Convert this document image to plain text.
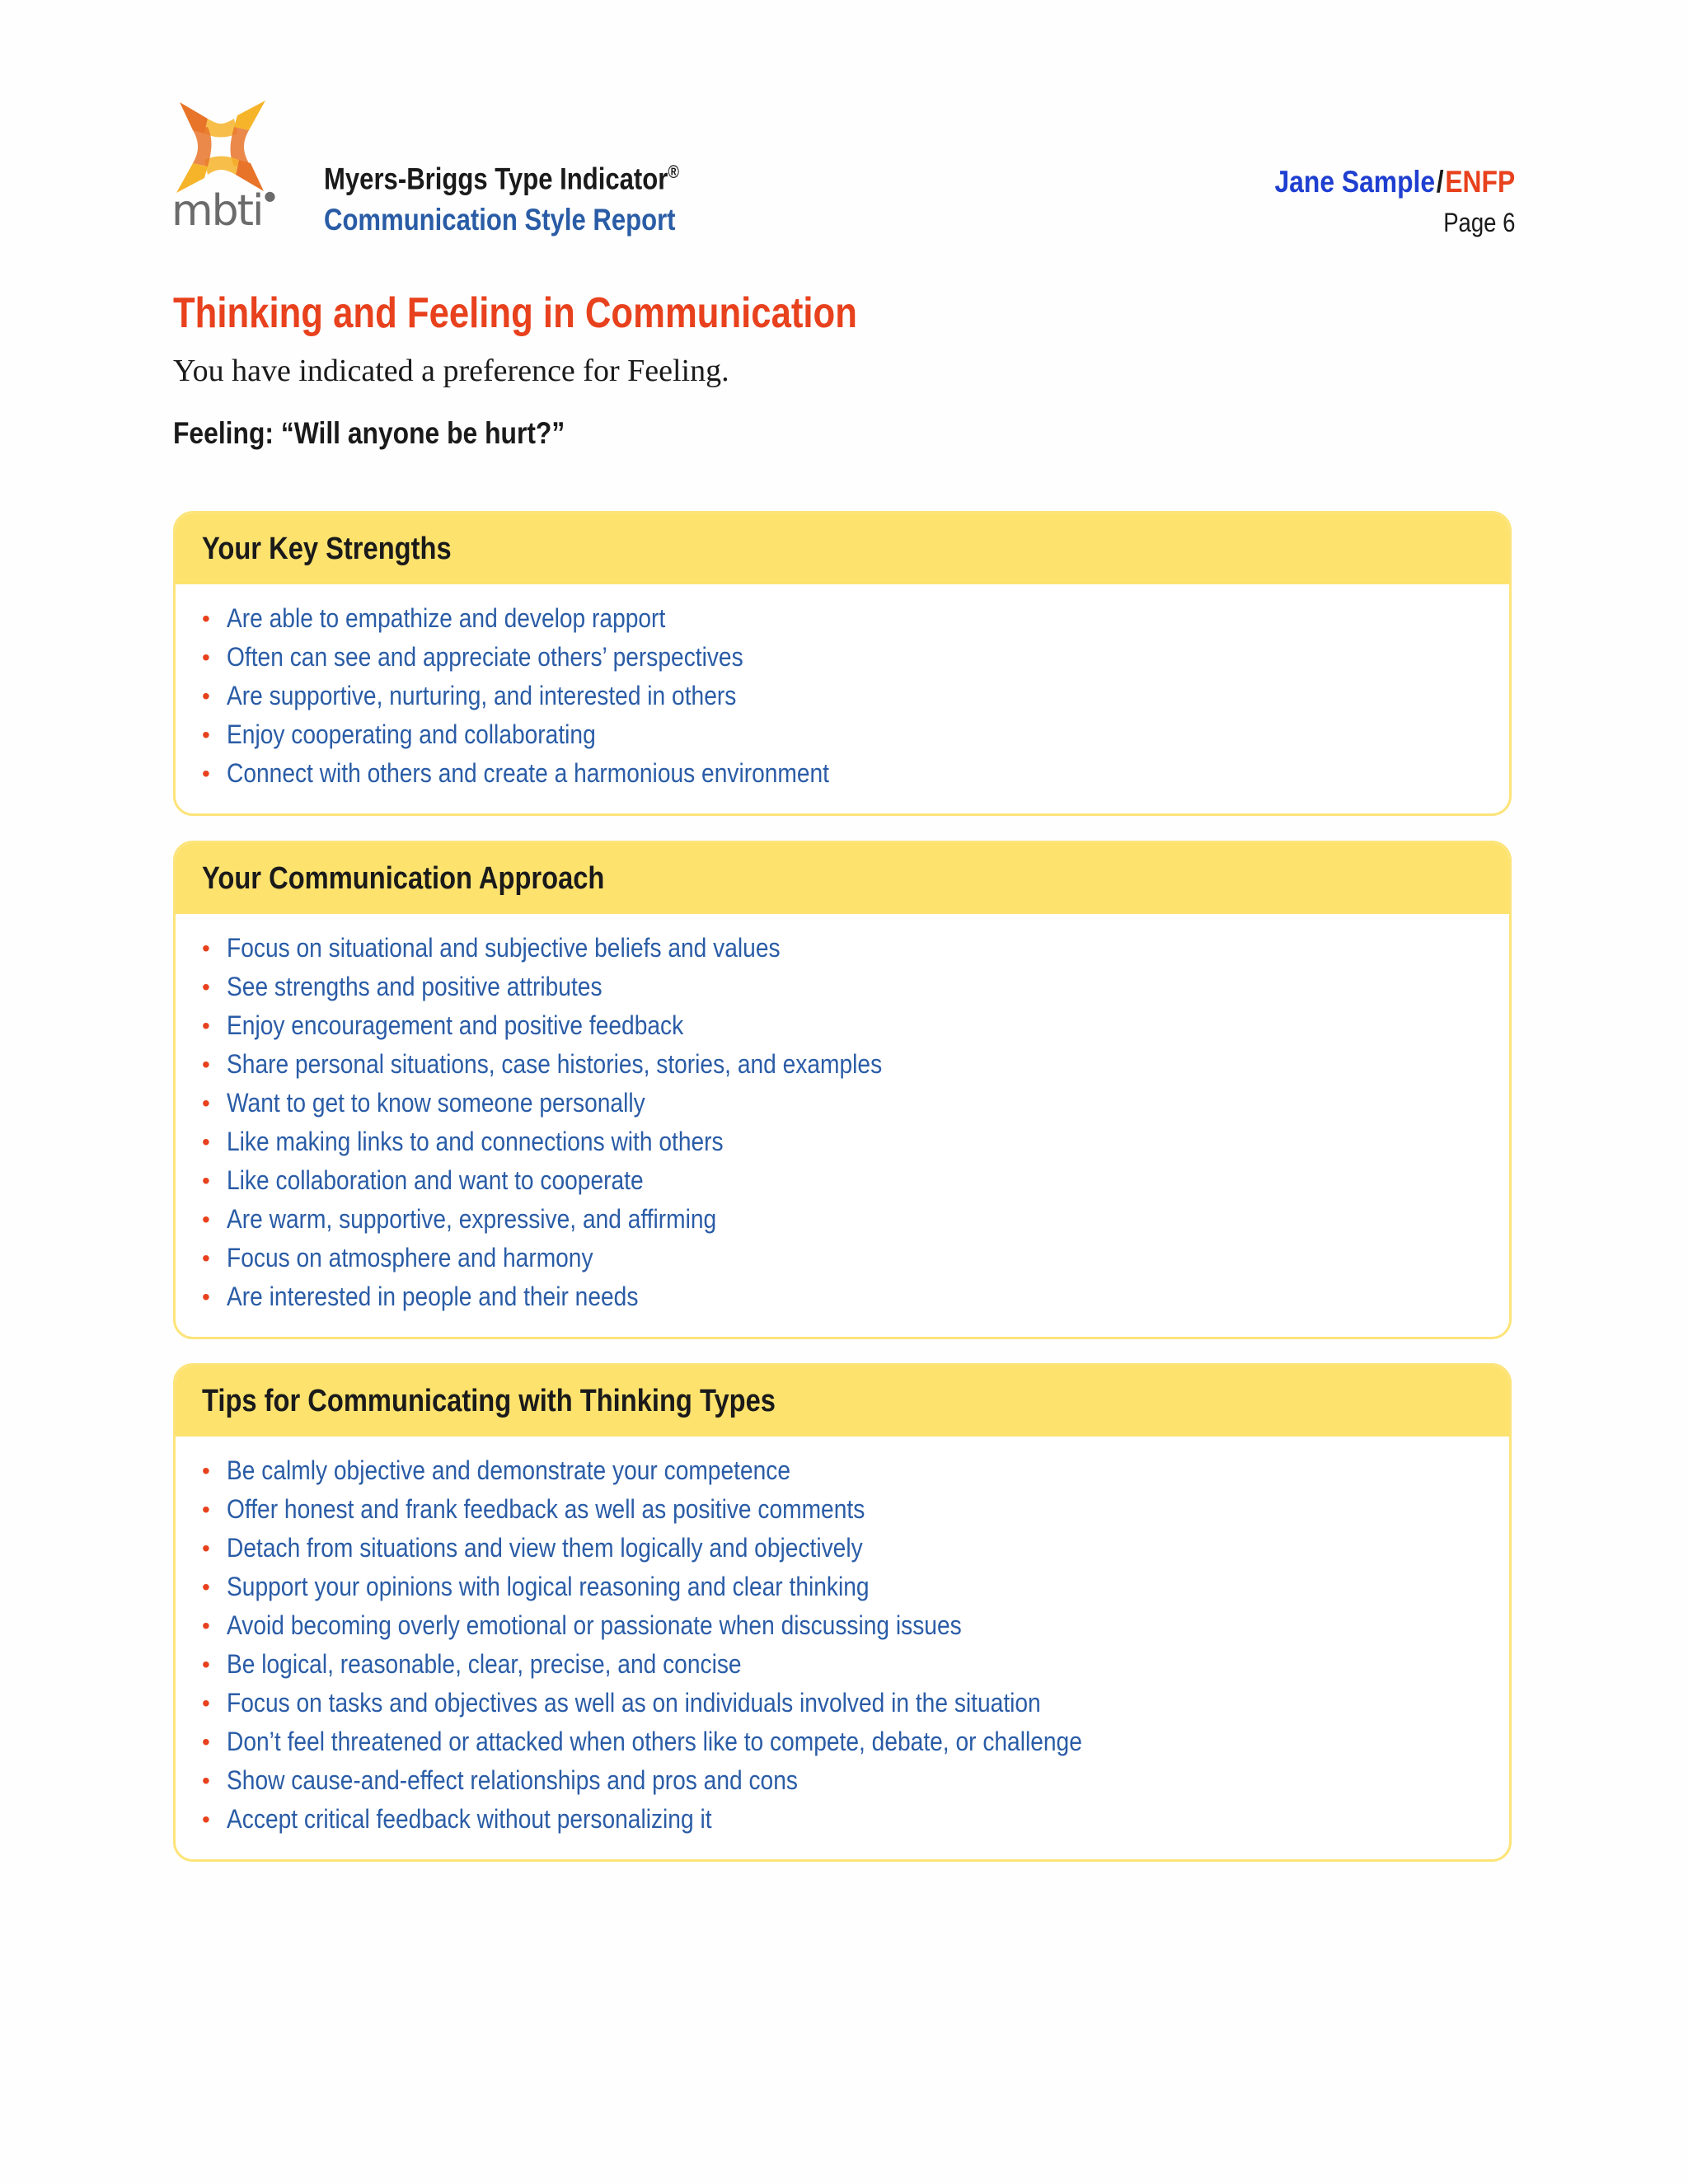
mbti ●
Myers-Briggs Type Indicator®
Communication Style Report
Jane Sample/ENFP
Page 6
Thinking and Feeling in Communication
You have indicated a preference for Feeling.
Feeling: “Will anyone be hurt?”
Your Key Strengths
• Are able to empathize and develop rapport
• Often can see and appreciate others’ perspectives
• Are supportive, nurturing, and interested in others
• Enjoy cooperating and collaborating
• Connect with others and create a harmonious environment
Your Communication Approach
• Focus on situational and subjective beliefs and values
• See strengths and positive attributes
• Enjoy encouragement and positive feedback
• Share personal situations, case histories, stories, and examples
• Want to get to know someone personally
• Like making links to and connections with others
• Like collaboration and want to cooperate
• Are warm, supportive, expressive, and affirming
• Focus on atmosphere and harmony
• Are interested in people and their needs
Tips for Communicating with Thinking Types
• Be calmly objective and demonstrate your competence
• Offer honest and frank feedback as well as positive comments
• Detach from situations and view them logically and objectively
• Support your opinions with logical reasoning and clear thinking
• Avoid becoming overly emotional or passionate when discussing issues
• Be logical, reasonable, clear, precise, and concise
• Focus on tasks and objectives as well as on individuals involved in the situation
• Don’t feel threatened or attacked when others like to compete, debate, or challenge
• Show cause-and-effect relationships and pros and cons
• Accept critical feedback without personalizing it
